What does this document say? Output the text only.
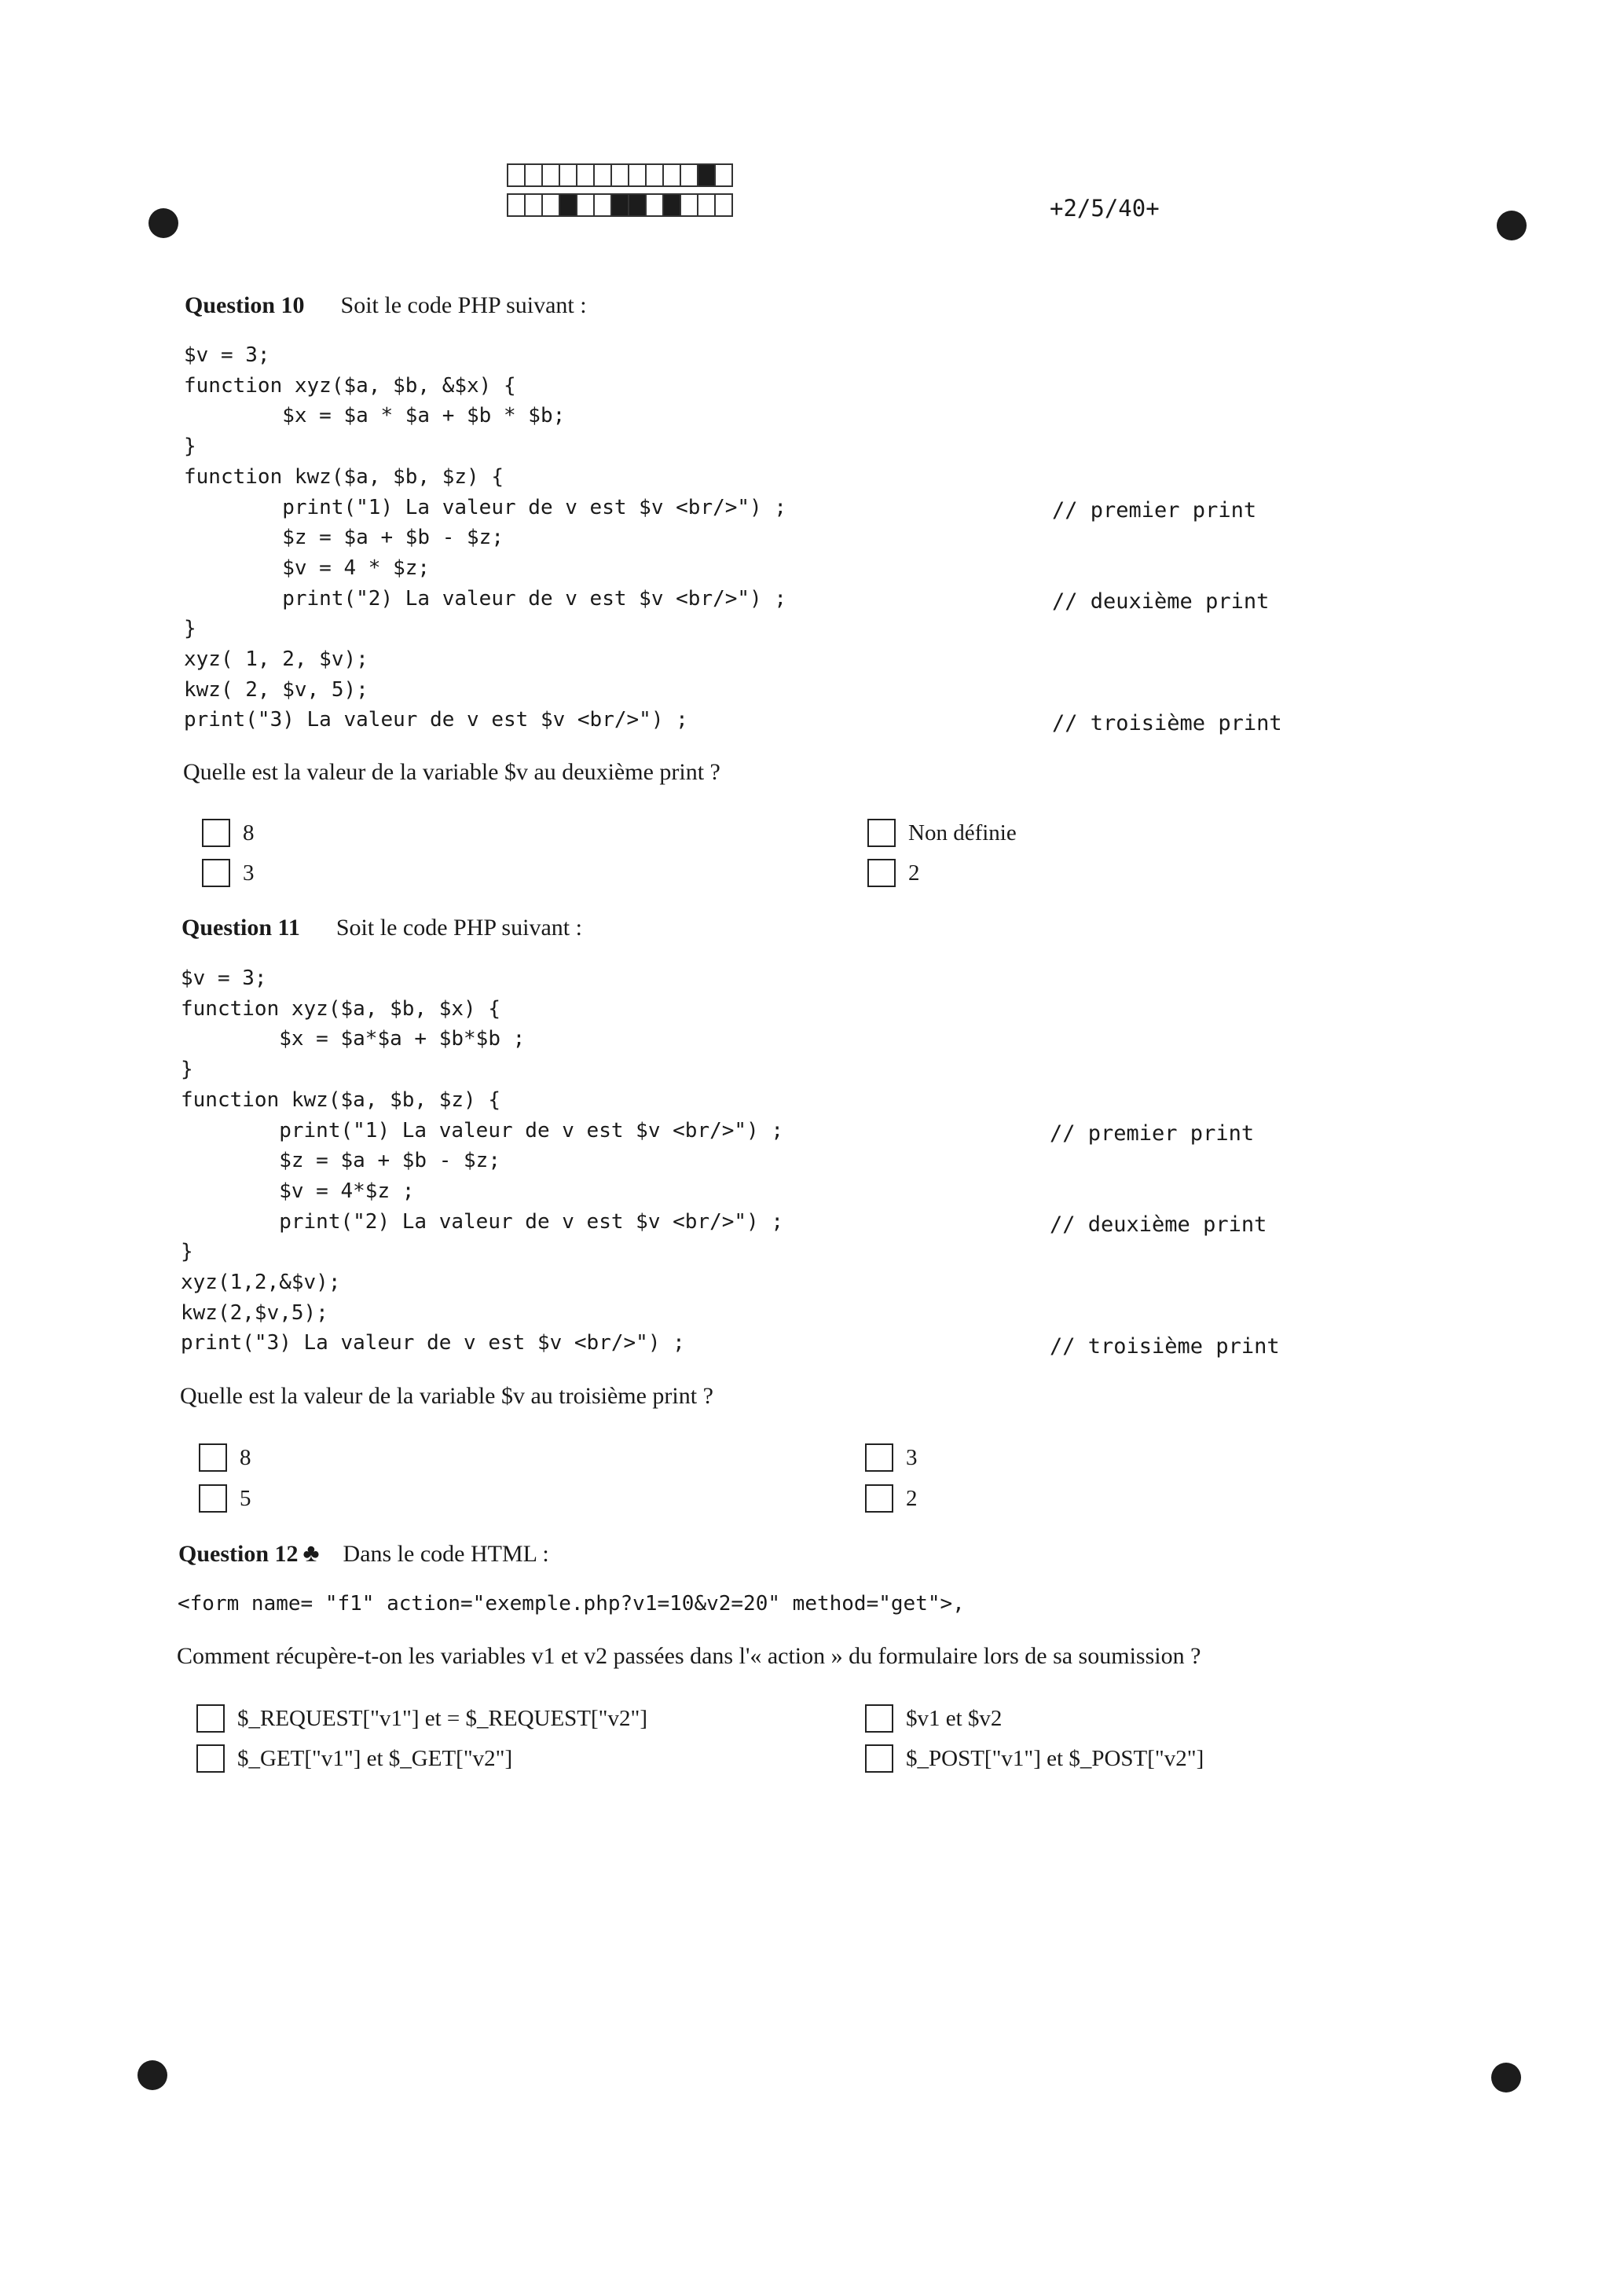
+2/5/40+
Question 10 Soit le code PHP suivant :
$v = 3;
function xyz($a, $b, &$x) {
$x = $a * $a + $b * $b;
}
function kwz($a, $b, $z) {
print("1) La valeur de v est $v <br/>") ;
$z = $a + $b - $z;
$v = 4 * $z;
print("2) La valeur de v est $v <br/>") ;
}
xyz( 1, 2, $v);
kwz( 2, $v, 5);
print("3) La valeur de v est $v <br/>") ;
// premier print
// deuxième print
// troisième print
Quelle est la valeur de la variable $v au deuxième print ?
8	Non définie
3	2
Question 11 Soit le code PHP suivant :
$v = 3;
function xyz($a, $b, $x) {
$x = $a*$a + $b*$b ;
}
function kwz($a, $b, $z) {
print("1) La valeur de v est $v <br/>") ;
$z = $a + $b - $z;
$v = 4*$z ;
print("2) La valeur de v est $v <br/>") ;
}
xyz(1,2,&$v);
kwz(2,$v,5);
print("3) La valeur de v est $v <br/>") ;
// premier print
// deuxième print
// troisième print
Quelle est la valeur de la variable $v au troisième print ?
8	3
5	2
Question 12 ♣ Dans le code HTML :
<form name= "f1" action="exemple.php?v1=10&v2=20" method="get">,
Comment récupère-t-on les variables v1 et v2 passées dans l'« action » du formulaire lors de sa soumission ?
$_REQUEST["v1"] et = $_REQUEST["v2"]	$v1 et $v2
$_GET["v1"] et $_GET["v2"]	$_POST["v1"] et $_POST["v2"]
